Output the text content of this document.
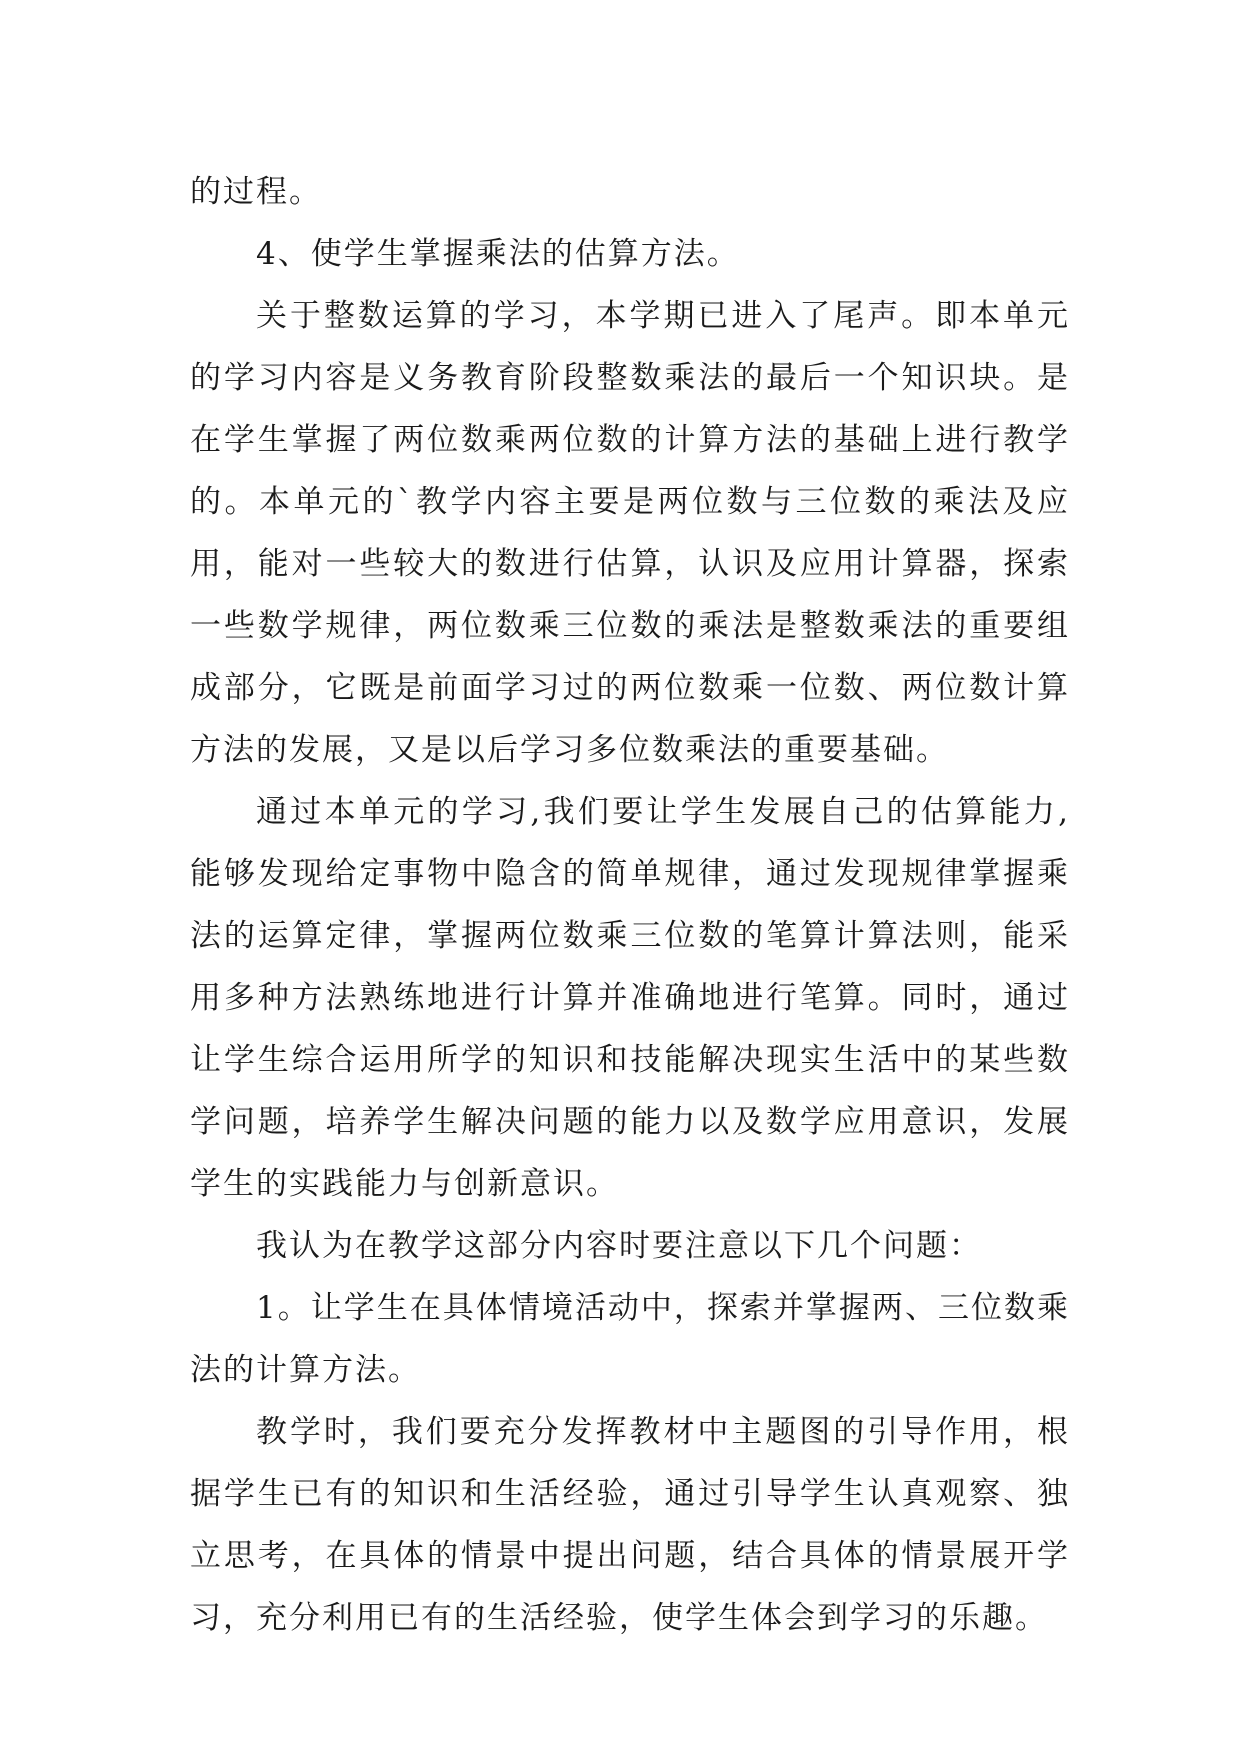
的过程。

4、使学生掌握乘法的估算方法。

关于整数运算的学习，本学期已进入了尾声。即本单元的学习内容是义务教育阶段整数乘法的最后一个知识块。是在学生掌握了两位数乘两位数的计算方法的基础上进行教学的。本单元的`教学内容主要是两位数与三位数的乘法及应用，能对一些较大的数进行估算，认识及应用计算器，探索一些数学规律，两位数乘三位数的乘法是整数乘法的重要组成部分，它既是前面学习过的两位数乘一位数、两位数计算方法的发展，又是以后学习多位数乘法的重要基础。

通过本单元的学习,我们要让学生发展自己的估算能力,能够发现给定事物中隐含的简单规律，通过发现规律掌握乘法的运算定律，掌握两位数乘三位数的笔算计算法则，能采用多种方法熟练地进行计算并准确地进行笔算。同时，通过让学生综合运用所学的知识和技能解决现实生活中的某些数学问题，培养学生解决问题的能力以及数学应用意识，发展学生的实践能力与创新意识。

我认为在教学这部分内容时要注意以下几个问题：

1。让学生在具体情境活动中，探索并掌握两、三位数乘法的计算方法。

教学时，我们要充分发挥教材中主题图的引导作用，根据学生已有的知识和生活经验，通过引导学生认真观察、独立思考，在具体的情景中提出问题，结合具体的情景展开学习，充分利用已有的生活经验，使学生体会到学习的乐趣。
